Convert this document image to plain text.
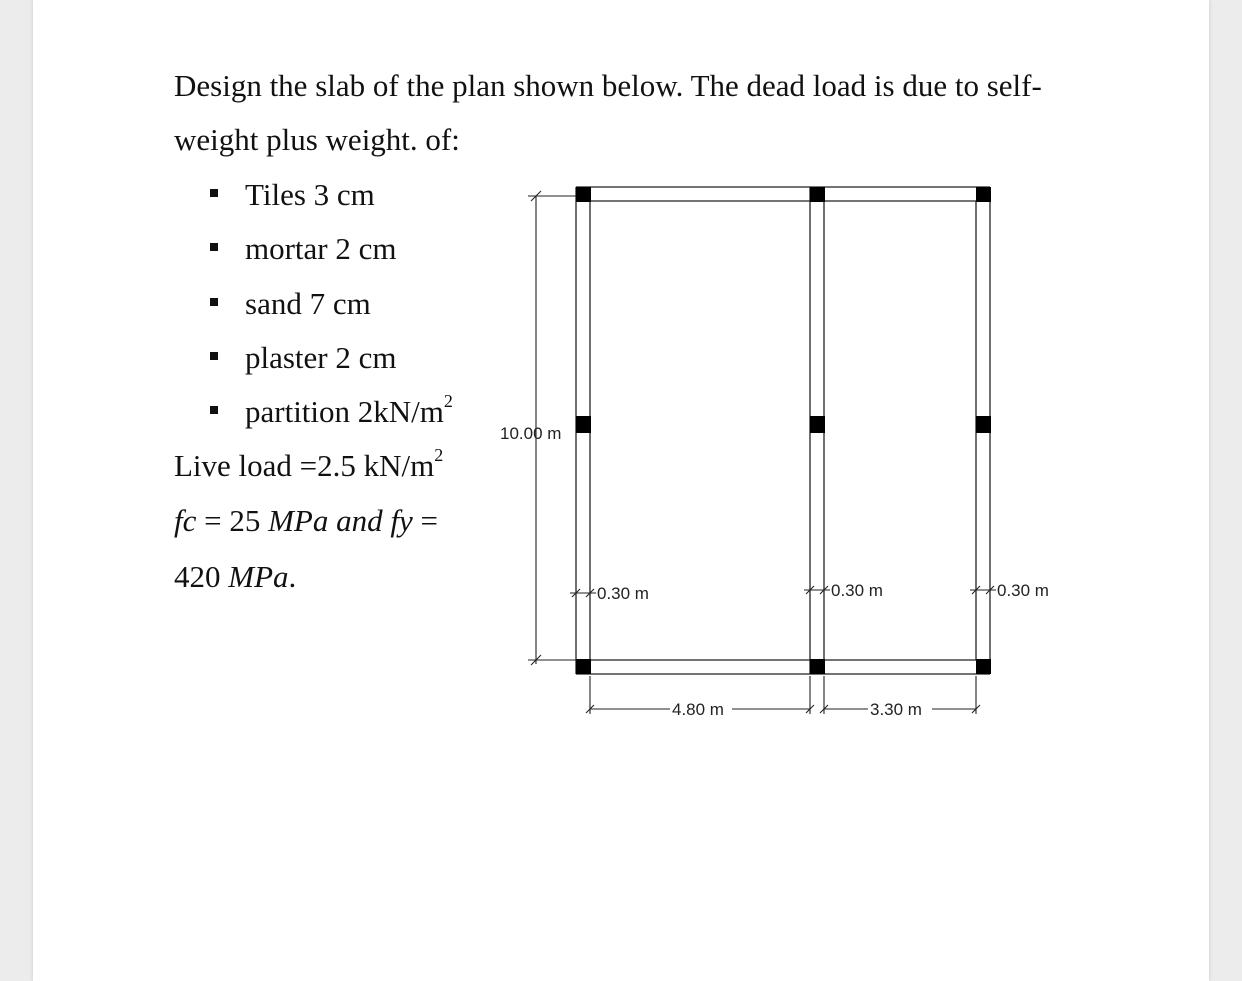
Design the slab of the plan shown below. The dead load is due to self-
weight plus weight. of:
Tiles 3 cm
mortar 2 cm
sand 7 cm
plaster 2 cm
partition $2kN/m^2$
Live load =2.5 $kN/m^2$
fc = 25 MPa and fy =
420 MPa.
10.00 m
0.30 m	0.30 m	0.30 m
4.80 m	3.30 m
